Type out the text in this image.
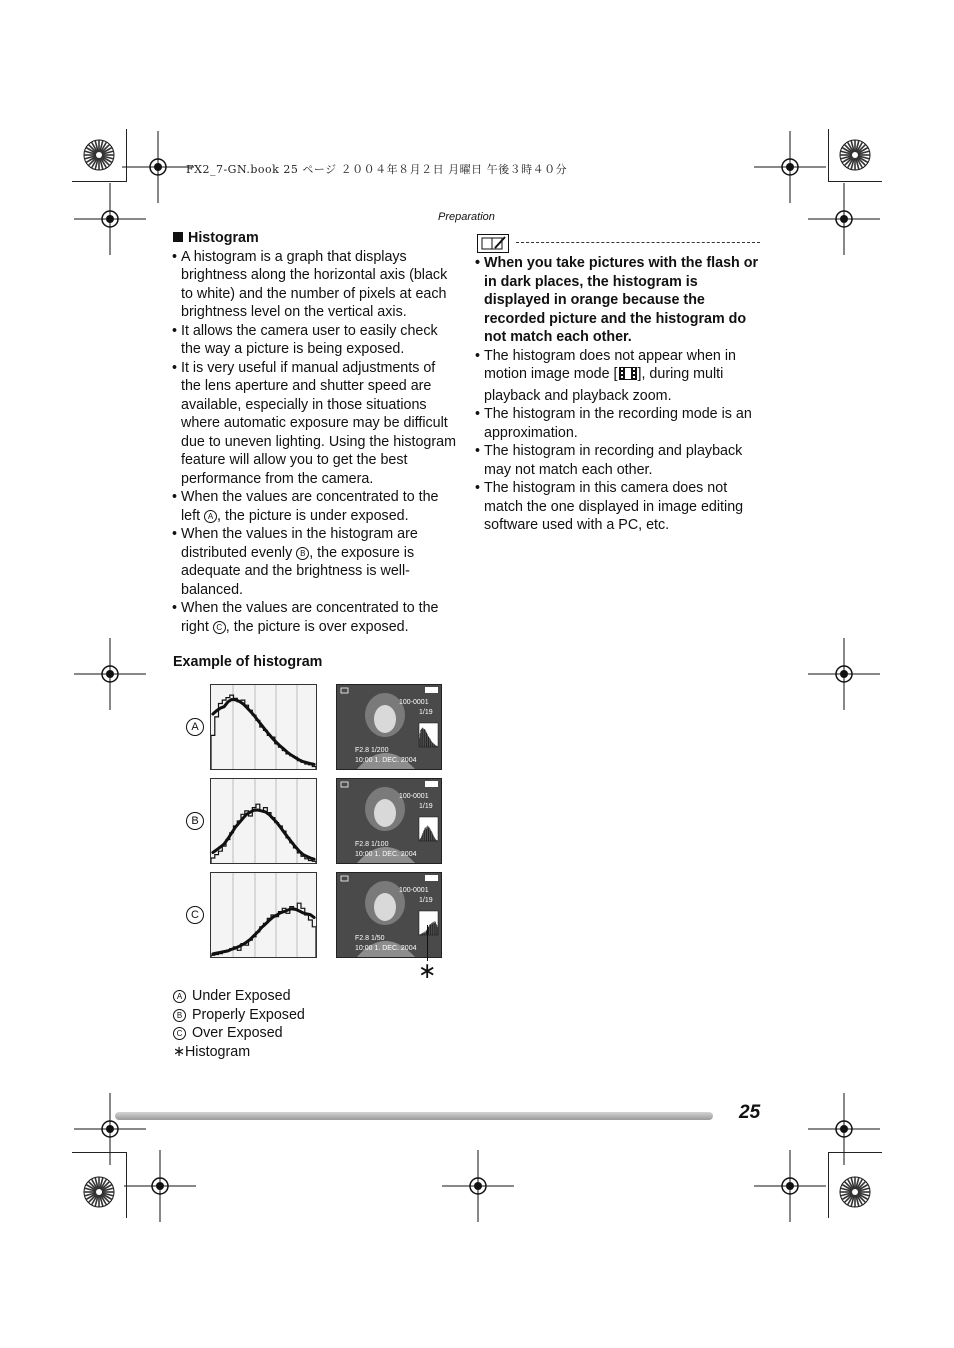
FX2_7-GN.book 25 ページ ２００４年８月２日 月曜日 午後３時４０分
Preparation
Histogram
• A histogram is a graph that displays brightness along the horizontal axis (black to white) and the number of pixels at each brightness level on the vertical axis.
• It allows the camera user to easily check the way a picture is being exposed.
• It is very useful if manual adjustments of the lens aperture and shutter speed are available, especially in those situations where automatic exposure may be difficult due to uneven lighting. Using the histogram feature will allow you to get the best performance from the camera.
• When the values are concentrated to the left A , the picture is under exposed.
• When the values in the histogram are distributed evenly B , the exposure is adequate and the brightness is well-balanced.
• When the values are concentrated to the right C , the picture is over exposed.
• When you take pictures with the flash or in dark places, the histogram is displayed in orange because the recorded picture and the histogram do not match each other.
• The histogram does not appear when in motion image mode [ ], during multi playback and playback zoom.
• The histogram in the recording mode is an approximation.
• The histogram in recording and playback may not match each other.
• The histogram in this camera does not match the one displayed in image editing software used with a PC, etc.
Example of histogram
A
100-0001
1/19
F2.8 1/200
10:00 1. DEC. 2004
B
100-0001
1/19
F2.8 1/100
10:00 1. DEC. 2004
C
100-0001
1/19
F2.8 1/50
10:00 1. DEC. 2004
∗
A Under Exposed
B Properly Exposed
C Over Exposed
∗Histogram
25
